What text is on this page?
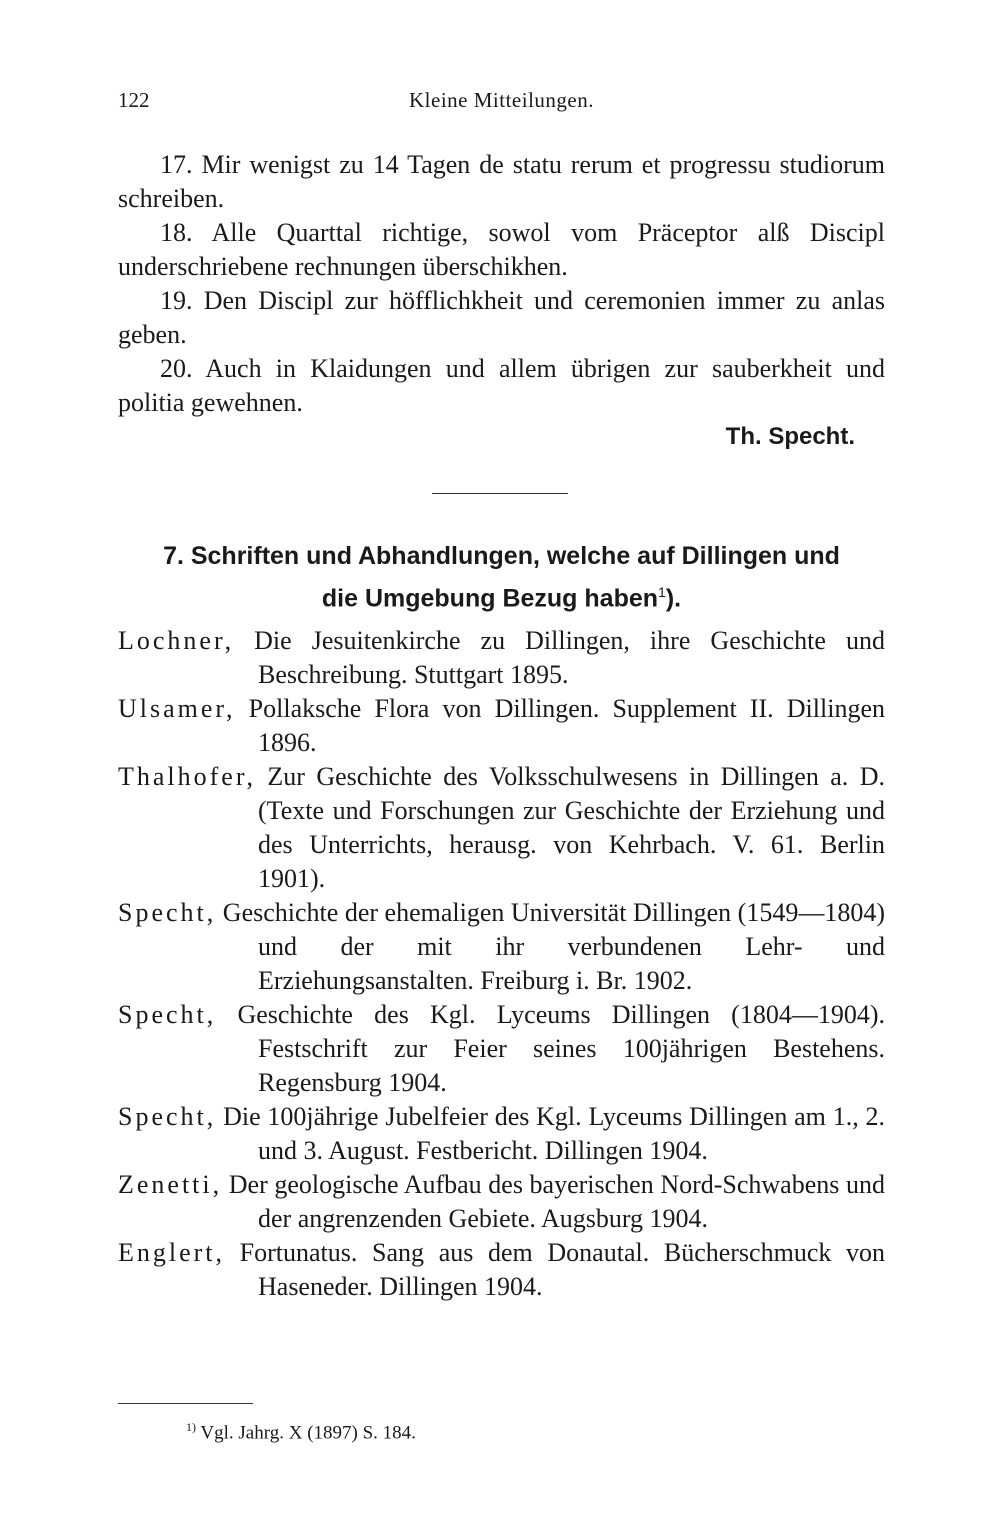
122	Kleine Mitteilungen.

17. Mir wenigst zu 14 Tagen de statu rerum et progressu studiorum schreiben.

18. Alle Quarttal richtige, sowol vom Präceptor alß Discipl underschriebene rechnungen überschikhen.

19. Den Discipl zur höfflichkheit und ceremonien immer zu anlas geben.

20. Auch in Klaidungen und allem übrigen zur sauberkheit und politia gewehnen.

Th. Specht.
7. Schriften und Abhandlungen, welche auf Dillingen und
die Umgebung Bezug haben$^1$).

Lochner, Die Jesuitenkirche zu Dillingen, ihre Geschichte und Beschreibung. Stuttgart 1895.

Ulsamer, Pollaksche Flora von Dillingen. Supplement II. Dillingen 1896.

Thalhofer, Zur Geschichte des Volksschulwesens in Dillingen a. D. (Texte und Forschungen zur Geschichte der Erziehung und des Unterrichts, herausg. von Kehrbach. V. 61. Berlin 1901).

Specht, Geschichte der ehemaligen Universität Dillingen (1549—1804) und der mit ihr verbundenen Lehr- und Erziehungsanstalten. Freiburg i. Br. 1902.

Specht, Geschichte des Kgl. Lyceums Dillingen (1804—1904). Festschrift zur Feier seines 100jährigen Bestehens. Regensburg 1904.

Specht, Die 100jährige Jubelfeier des Kgl. Lyceums Dillingen am 1., 2. und 3. August. Festbericht. Dillingen 1904.

Zenetti, Der geologische Aufbau des bayerischen Nord-Schwabens und der angrenzenden Gebiete. Augsburg 1904.

Englert, Fortunatus. Sang aus dem Donautal. Bücherschmuck von Haseneder. Dillingen 1904.

$^{1)}$ Vgl. Jahrg. X (1897) S. 184.
